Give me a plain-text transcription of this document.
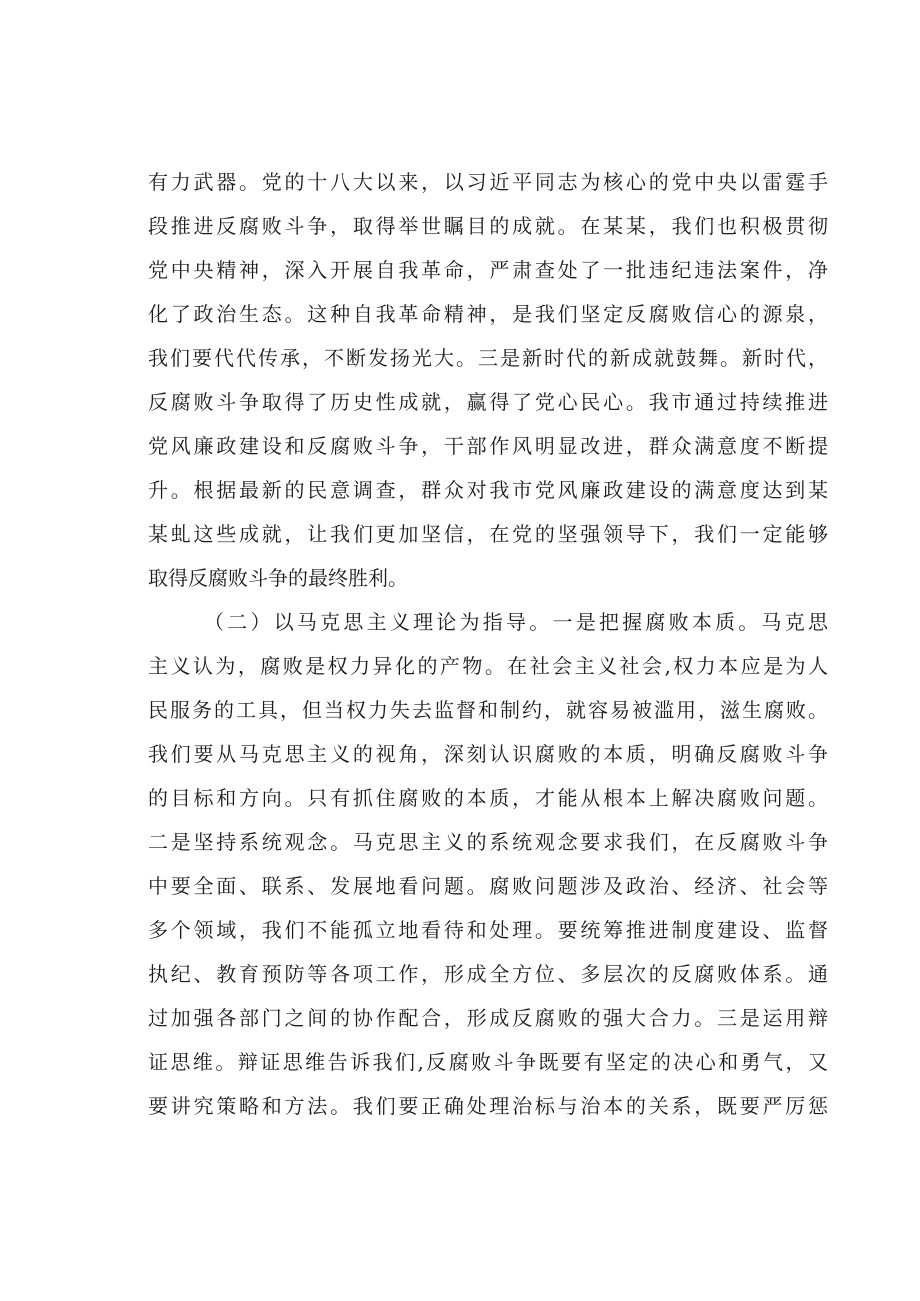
有力武器。党的十八大以来，以习近平同志为核心的党中央以雷霆手
段推进反腐败斗争，取得举世瞩目的成就。在某某，我们也积极贯彻
党中央精神，深入开展自我革命，严肃查处了一批违纪违法案件，净
化了政治生态。这种自我革命精神，是我们坚定反腐败信心的源泉，
我们要代代传承，不断发扬光大。三是新时代的新成就鼓舞。新时代，
反腐败斗争取得了历史性成就，赢得了党心民心。我市通过持续推进
党风廉政建设和反腐败斗争，干部作风明显改进，群众满意度不断提
升。根据最新的民意调查，群众对我市党风廉政建设的满意度达到某
某虬这些成就，让我们更加坚信，在党的坚强领导下，我们一定能够
取得反腐败斗争的最终胜利。
（二）以马克思主义理论为指导。一是把握腐败本质。马克思
主义认为，腐败是权力异化的产物。在社会主义社会,权力本应是为人
民服务的工具，但当权力失去监督和制约，就容易被滥用，滋生腐败。
我们要从马克思主义的视角，深刻认识腐败的本质，明确反腐败斗争
的目标和方向。只有抓住腐败的本质，才能从根本上解决腐败问题。
二是坚持系统观念。马克思主义的系统观念要求我们，在反腐败斗争
中要全面、联系、发展地看问题。腐败问题涉及政治、经济、社会等
多个领域，我们不能孤立地看待和处理。要统筹推进制度建设、监督
执纪、教育预防等各项工作，形成全方位、多层次的反腐败体系。通
过加强各部门之间的协作配合，形成反腐败的强大合力。三是运用辩
证思维。辩证思维告诉我们,反腐败斗争既要有坚定的决心和勇气，又
要讲究策略和方法。我们要正确处理治标与治本的关系，既要严厉惩
